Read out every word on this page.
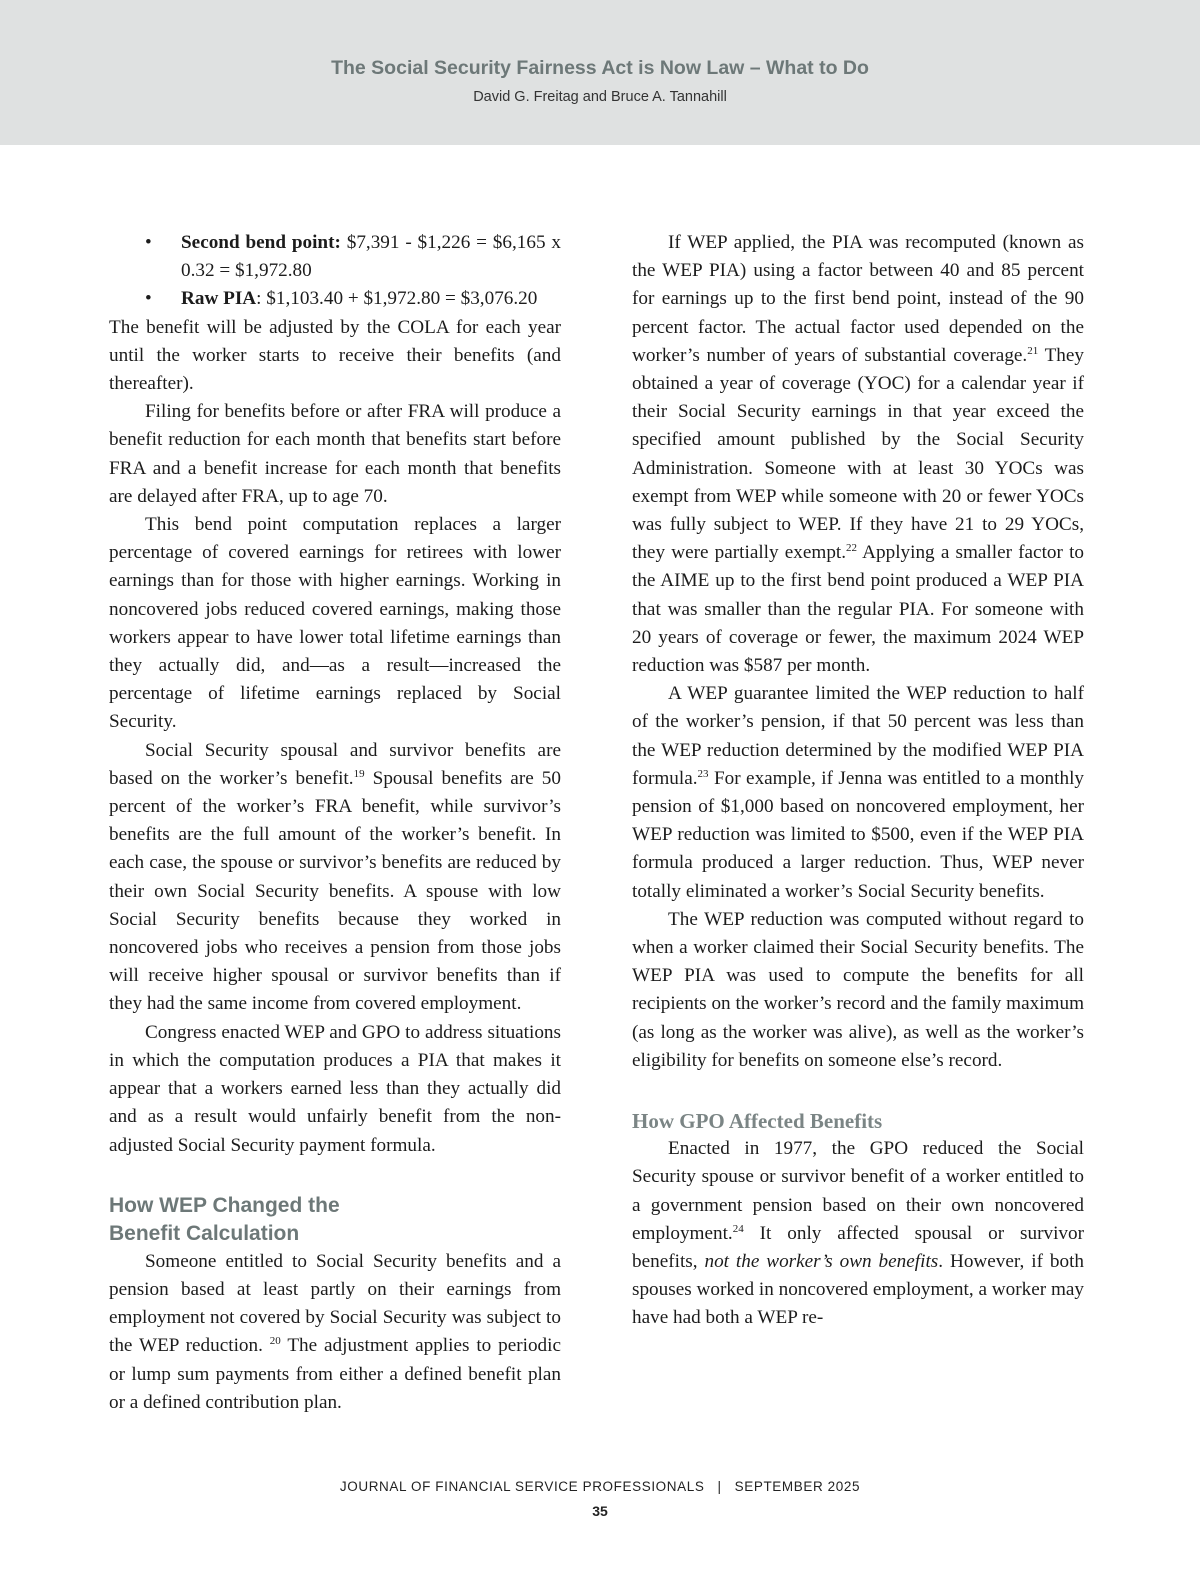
The Social Security Fairness Act is Now Law – What to Do
David G. Freitag and Bruce A. Tannahill

• Second bend point: $7,391 - $1,226 = $6,165 x 0.32 = $1,972.80

• Raw PIA: $1,103.40 + $1,972.80 = $3,076.20

The benefit will be adjusted by the COLA for each year until the worker starts to receive their benefits (and thereafter).

Filing for benefits before or after FRA will produce a benefit reduction for each month that benefits start before FRA and a benefit increase for each month that benefits are delayed after FRA, up to age 70.

This bend point computation replaces a larger percentage of covered earnings for retirees with lower earnings than for those with higher earnings. Working in noncovered jobs reduced covered earnings, making those workers appear to have lower total lifetime earnings than they actually did, and—as a result—increased the percentage of lifetime earnings replaced by Social Security.

Social Security spousal and survivor benefits are based on the worker’s benefit.$^{19}$ Spousal benefits are 50 percent of the worker’s FRA benefit, while survivor’s benefits are the full amount of the worker’s benefit. In each case, the spouse or survivor’s benefits are reduced by their own Social Security benefits. A spouse with low Social Security benefits because they worked in noncovered jobs who receives a pension from those jobs will receive higher spousal or survivor benefits than if they had the same income from covered employment.

Congress enacted WEP and GPO to address situations in which the computation produces a PIA that makes it appear that a workers earned less than they actually did and as a result would unfairly benefit from the non-adjusted Social Security payment formula.

How WEP Changed the
Benefit Calculation

Someone entitled to Social Security benefits and a pension based at least partly on their earnings from employment not covered by Social Security was subject to the WEP reduction. $^{20}$ The adjustment applies to periodic or lump sum payments from either a defined benefit plan or a defined contribution plan.

If WEP applied, the PIA was recomputed (known as the WEP PIA) using a factor between 40 and 85 percent for earnings up to the first bend point, instead of the 90 percent factor. The actual factor used depended on the worker’s number of years of substantial coverage.$^{21}$ They obtained a year of coverage (YOC) for a calendar year if their Social Security earnings in that year exceed the specified amount published by the Social Security Administration. Someone with at least 30 YOCs was exempt from WEP while someone with 20 or fewer YOCs was fully subject to WEP. If they have 21 to 29 YOCs, they were partially exempt.$^{22}$ Applying a smaller factor to the AIME up to the first bend point produced a WEP PIA that was smaller than the regular PIA. For someone with 20 years of coverage or fewer, the maximum 2024 WEP reduction was $587 per month.

A WEP guarantee limited the WEP reduction to half of the worker’s pension, if that 50 percent was less than the WEP reduction determined by the modified WEP PIA formula.$^{23}$ For example, if Jenna was entitled to a monthly pension of $1,000 based on noncovered employment, her WEP reduction was limited to $500, even if the WEP PIA formula produced a larger reduction. Thus, WEP never totally eliminated a worker’s Social Security benefits.

The WEP reduction was computed without regard to when a worker claimed their Social Security benefits. The WEP PIA was used to compute the benefits for all recipients on the worker’s record and the family maximum (as long as the worker was alive), as well as the worker’s eligibility for benefits on someone else’s record.

How GPO Affected Benefits

Enacted in 1977, the GPO reduced the Social Security spouse or survivor benefit of a worker entitled to a government pension based on their own noncovered employment.$^{24}$ It only affected spousal or survivor benefits, not the worker’s own benefits. However, if both spouses worked in noncovered employment, a worker may have had both a WEP re-

JOURNAL OF FINANCIAL SERVICE PROFESSIONALS   |   SEPTEMBER 2025
35
